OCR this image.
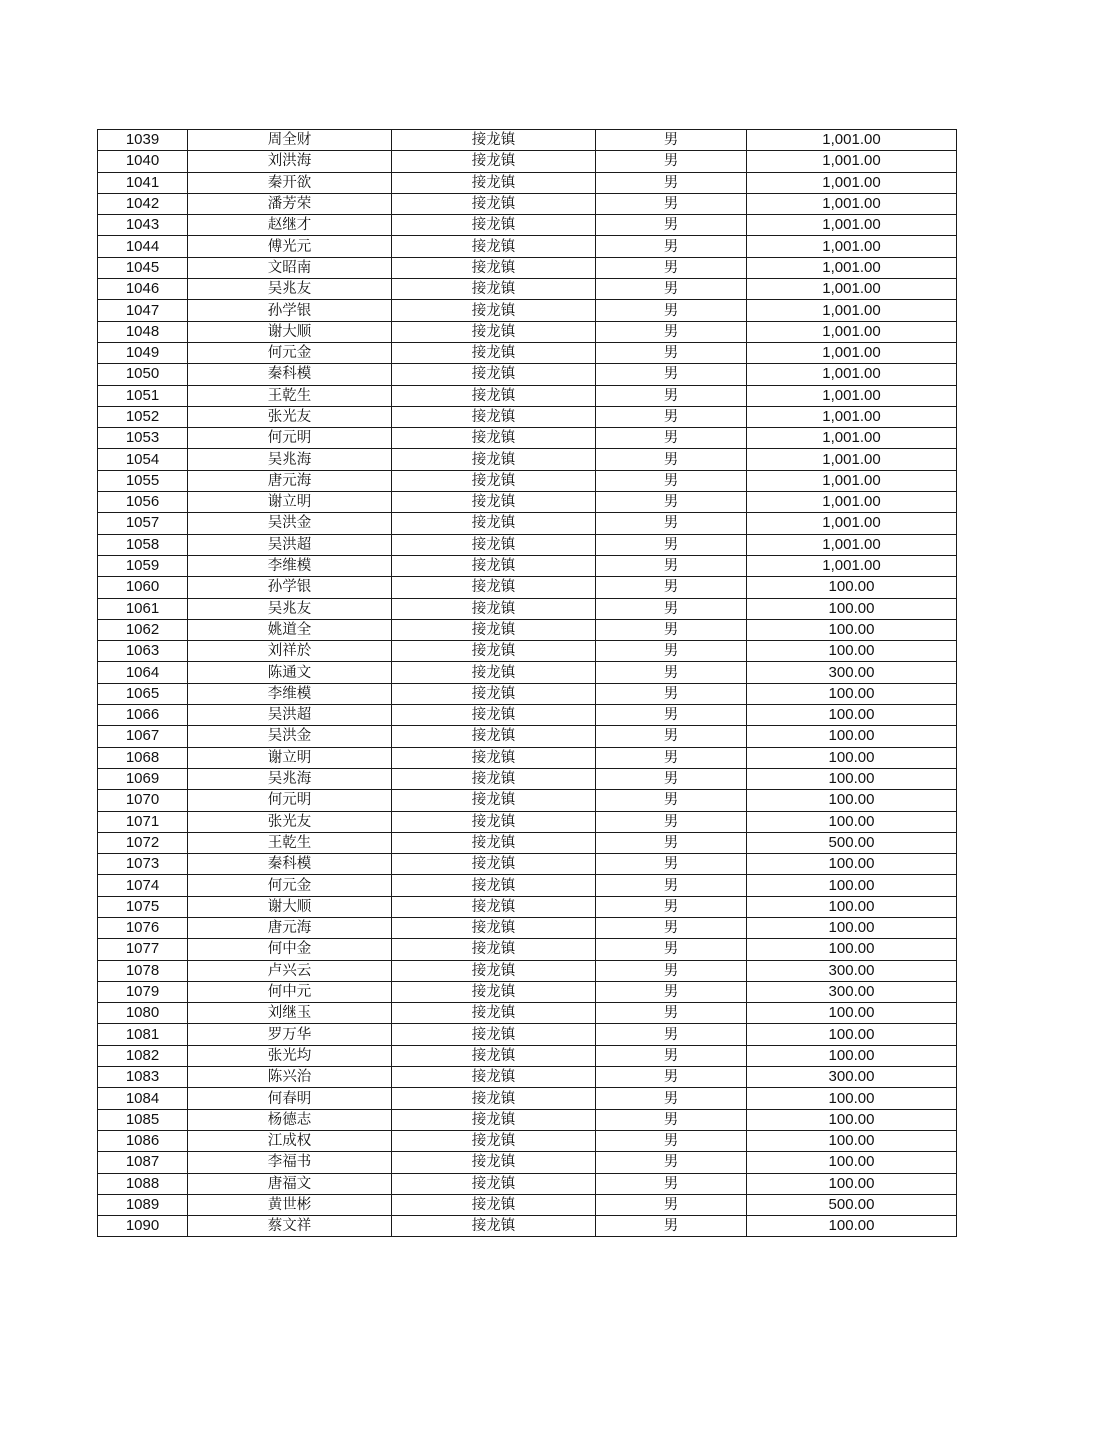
1039	周全财	接龙镇	男	1,001.00
1040	刘洪海	接龙镇	男	1,001.00
1041	秦开欲	接龙镇	男	1,001.00
1042	潘芳荣	接龙镇	男	1,001.00
1043	赵继才	接龙镇	男	1,001.00
1044	傅光元	接龙镇	男	1,001.00
1045	文昭南	接龙镇	男	1,001.00
1046	吴兆友	接龙镇	男	1,001.00
1047	孙学银	接龙镇	男	1,001.00
1048	谢大顺	接龙镇	男	1,001.00
1049	何元金	接龙镇	男	1,001.00
1050	秦科模	接龙镇	男	1,001.00
1051	王乾生	接龙镇	男	1,001.00
1052	张光友	接龙镇	男	1,001.00
1053	何元明	接龙镇	男	1,001.00
1054	吴兆海	接龙镇	男	1,001.00
1055	唐元海	接龙镇	男	1,001.00
1056	谢立明	接龙镇	男	1,001.00
1057	吴洪金	接龙镇	男	1,001.00
1058	吴洪超	接龙镇	男	1,001.00
1059	李维模	接龙镇	男	1,001.00
1060	孙学银	接龙镇	男	100.00
1061	吴兆友	接龙镇	男	100.00
1062	姚道全	接龙镇	男	100.00
1063	刘祥於	接龙镇	男	100.00
1064	陈通文	接龙镇	男	300.00
1065	李维模	接龙镇	男	100.00
1066	吴洪超	接龙镇	男	100.00
1067	吴洪金	接龙镇	男	100.00
1068	谢立明	接龙镇	男	100.00
1069	吴兆海	接龙镇	男	100.00
1070	何元明	接龙镇	男	100.00
1071	张光友	接龙镇	男	100.00
1072	王乾生	接龙镇	男	500.00
1073	秦科模	接龙镇	男	100.00
1074	何元金	接龙镇	男	100.00
1075	谢大顺	接龙镇	男	100.00
1076	唐元海	接龙镇	男	100.00
1077	何中金	接龙镇	男	100.00
1078	卢兴云	接龙镇	男	300.00
1079	何中元	接龙镇	男	300.00
1080	刘继玉	接龙镇	男	100.00
1081	罗万华	接龙镇	男	100.00
1082	张光均	接龙镇	男	100.00
1083	陈兴治	接龙镇	男	300.00
1084	何春明	接龙镇	男	100.00
1085	杨德志	接龙镇	男	100.00
1086	江成权	接龙镇	男	100.00
1087	李福书	接龙镇	男	100.00
1088	唐福文	接龙镇	男	100.00
1089	黄世彬	接龙镇	男	500.00
1090	蔡文祥	接龙镇	男	100.00
